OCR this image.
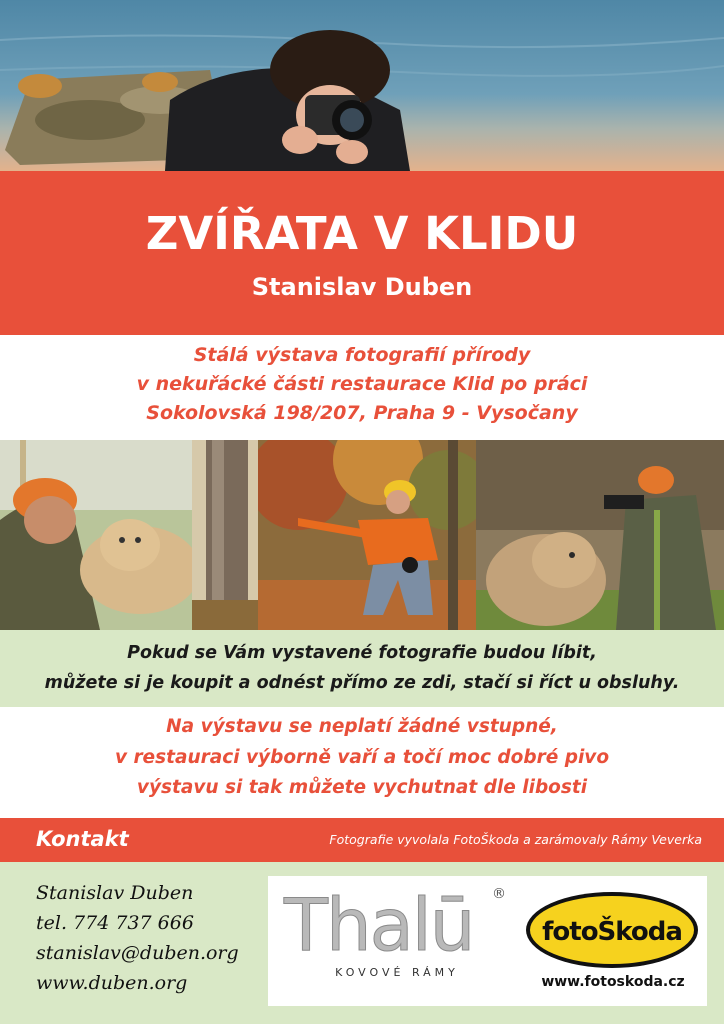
ZVÍŘATA V KLIDU
Stanislav Duben
Stálá výstava fotografií přírody
v nekuřácké části restaurace Klid po práci
Sokolovská 198/207, Praha 9 - Vysočany
Pokud se Vám vystavené fotografie budou líbit,
můžete si je koupit a odnést přímo ze zdi, stačí si říct u obsluhy.
Na výstavu se neplatí žádné vstupné,
v restauraci výborně vaří a točí moc dobré pivo
výstavu si tak můžete vychutnat dle libosti
Kontakt	Fotografie vyvolala FotoŠkoda a zarámovaly Rámy Veverka
Stanislav Duben
tel. 774 737 666
stanislav@duben.org
www.duben.org
Thalū ®
KOVOVÉ RÁMY
fotoŠkoda
www.fotoskoda.cz
